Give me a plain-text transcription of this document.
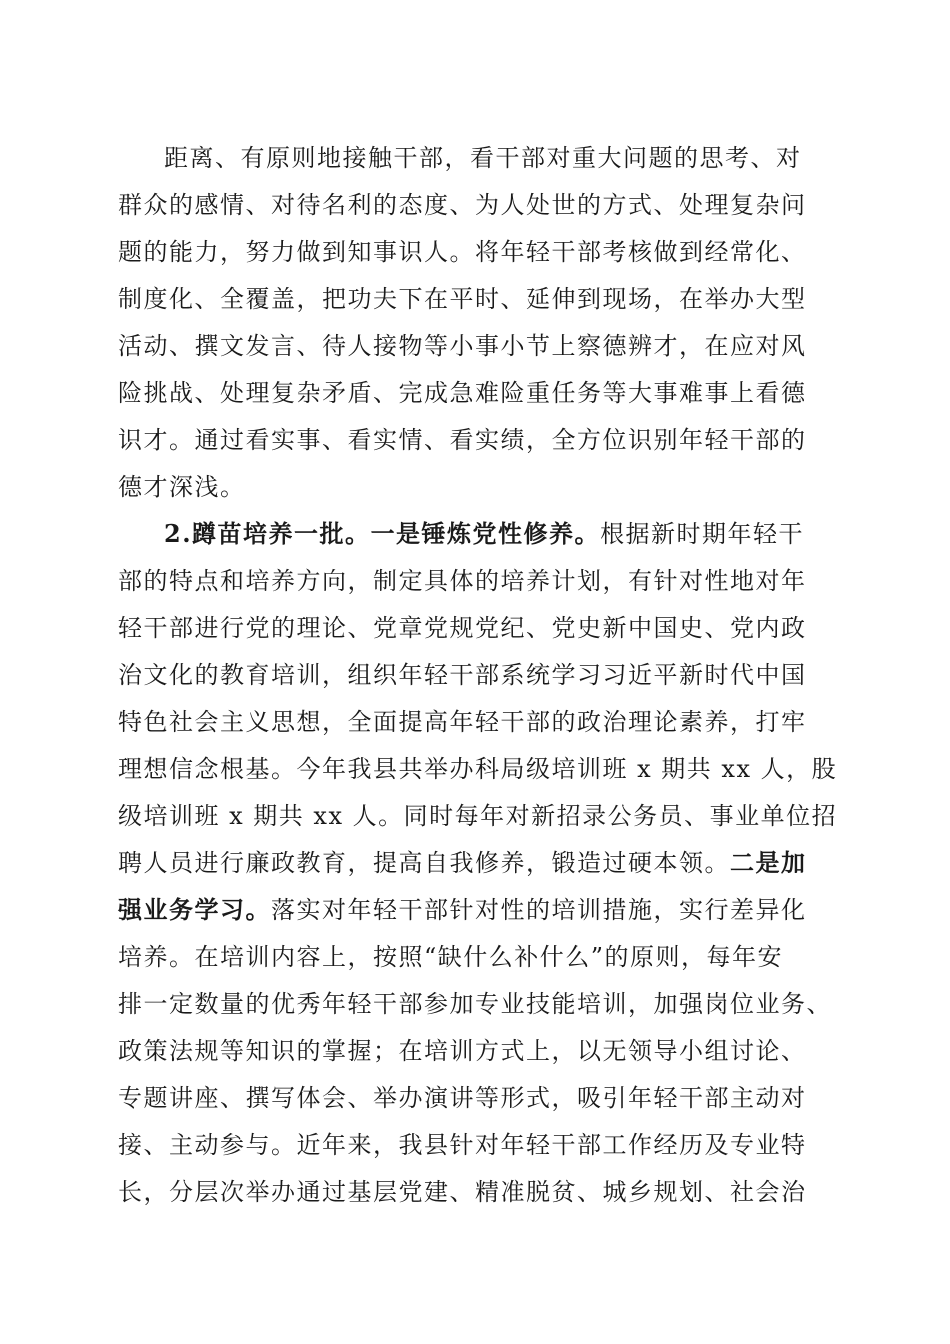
距离、有原则地接触干部，看干部对重大问题的思考、对
群众的感情、对待名利的态度、为人处世的方式、处理复杂问
题的能力，努力做到知事识人。将年轻干部考核做到经常化、
制度化、全覆盖，把功夫下在平时、延伸到现场，在举办大型
活动、撰文发言、待人接物等小事小节上察德辨才，在应对风
险挑战、处理复杂矛盾、完成急难险重任务等大事难事上看德
识才。通过看实事、看实情、看实绩，全方位识别年轻干部的
德才深浅。
2.蹲苗培养一批。一是锤炼党性修养。根据新时期年轻干
部的特点和培养方向，制定具体的培养计划，有针对性地对年
轻干部进行党的理论、党章党规党纪、党史新中国史、党内政
治文化的教育培训，组织年轻干部系统学习习近平新时代中国
特色社会主义思想，全面提高年轻干部的政治理论素养，打牢
理想信念根基。今年我县共举办科局级培训班 x 期共 xx 人，股
级培训班 x 期共 xx 人。同时每年对新招录公务员、事业单位招
聘人员进行廉政教育，提高自我修养，锻造过硬本领。二是加
强业务学习。落实对年轻干部针对性的培训措施，实行差异化
培养。在培训内容上，按照“缺什么补什么”的原则，每年安
排一定数量的优秀年轻干部参加专业技能培训，加强岗位业务、
政策法规等知识的掌握；在培训方式上，以无领导小组讨论、
专题讲座、撰写体会、举办演讲等形式，吸引年轻干部主动对
接、主动参与。近年来，我县针对年轻干部工作经历及专业特
长，分层次举办通过基层党建、精准脱贫、城乡规划、社会治
